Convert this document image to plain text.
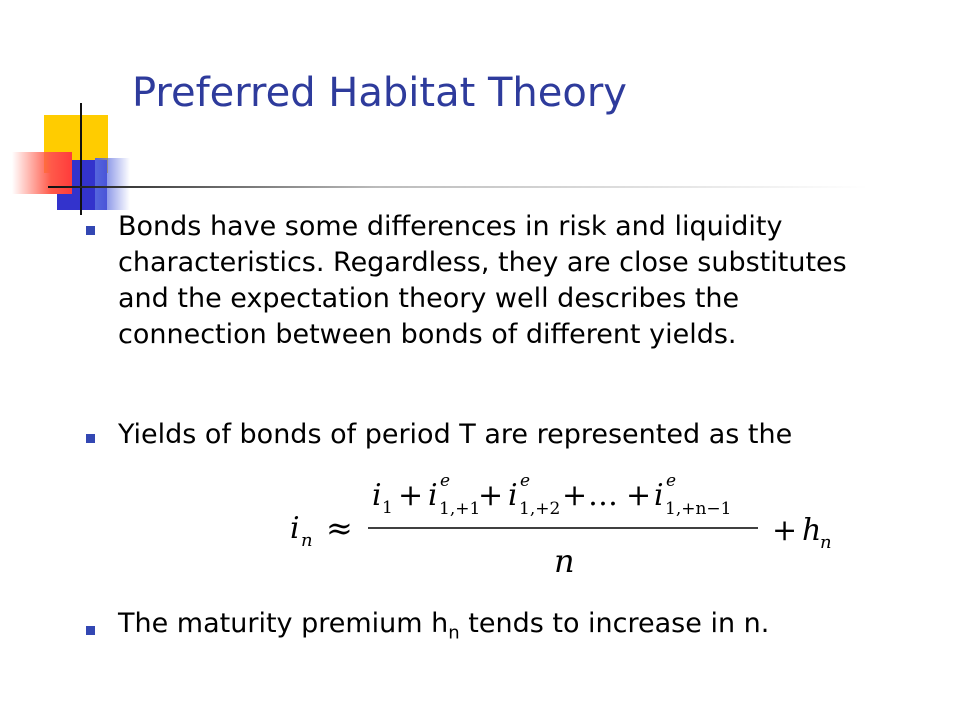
Preferred Habitat Theory

Bonds have some differences in risk and liquidity characteristics. Regardless, they are close substitutes and the expectation theory well describes the connection between bonds of different yields.

Yields of bonds of period T are represented as the

i n ≈
i 1 + i e
1,+1
+ i e
1,+2 + … + i e
1,+n−1
n
+ h
n

The maturity premium $h_n$ tends to increase in n.
